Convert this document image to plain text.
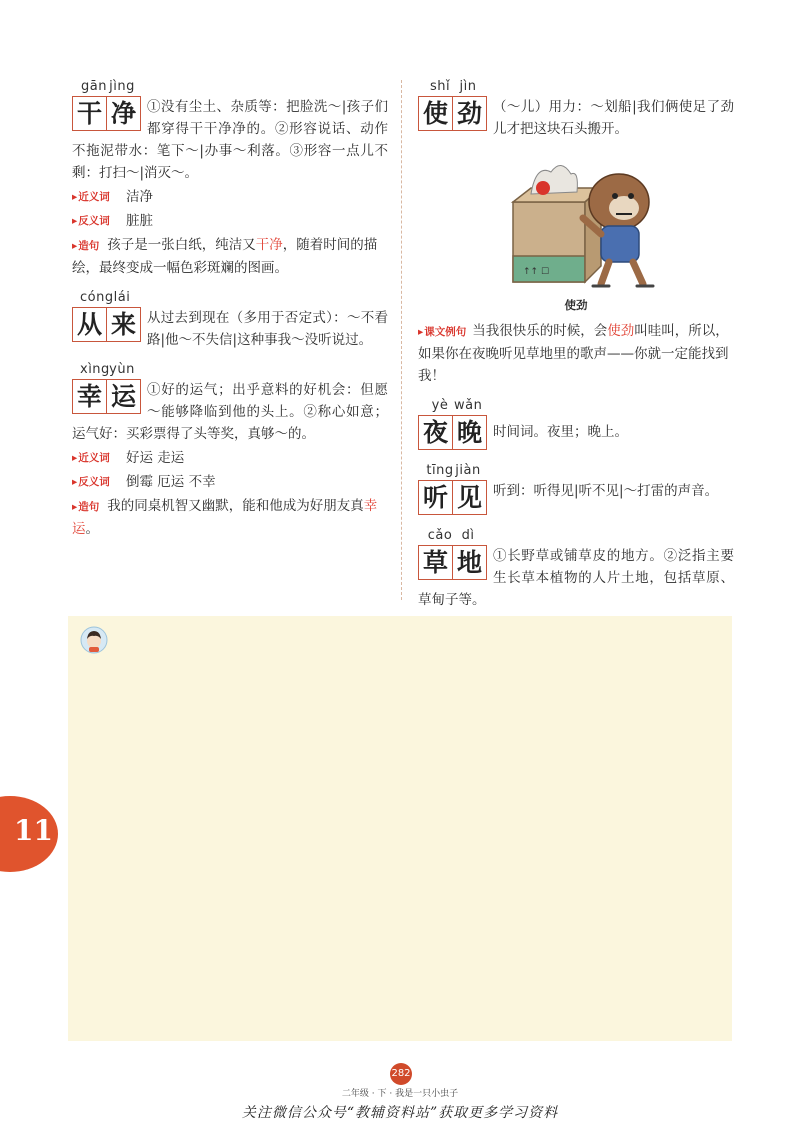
gān jìng
干 净 ①没有尘土、杂质等：把脸洗～|孩子们都穿得干干净净的。②形容说话、动作不拖泥带水：笔下～|办事～利落。③形容一点儿不剩：打扫～|消灭～。

▸ 近义词 洁净
▸ 反义词 脏脏
▸ 造句 孩子是一张白纸，纯洁又干净，随着时间的描绘，最终变成一幅色彩斑斓的图画。
cónglái
从 来 从过去到现在（多用于否定式）：～不看路|他～不失信|这种事我～没听说过。

xìngyùn
幸 运 ①好的运气；出乎意料的好机会：但愿～能够降临到他的头上。②称心如意；运气好：买彩票得了头等奖，真够～的。

▸ 近义词 好运 走运
▸ 反义词 倒霉 厄运 不幸
▸ 造句 我的同桌机智又幽默，能和他成为好朋友真幸运。
shǐ jìn
使 劲 （～儿）用力：～划船|我们俩使足了劲儿才把这块石头搬开。

↑↑ ☐

使劲

▸ 课文例句 当我很快乐的时候，会使劲叫哇叫，所以，如果你在夜晚听见草地里的歌声——你就一定能找到我！
yè wǎn
夜 晚 时间词。夜里；晚上。

tīng jiàn
听 见 听到：听得见|听不见|～打雷的声音。

cǎo dì
草 地 ①长野草或铺草皮的地方。②泛指主要生长草本植物的人片土地，包括草原、草甸子等。

11
282
二年级 · 下 · 我是一只小虫子
关注微信公众号“教辅资料站”获取更多学习资料
